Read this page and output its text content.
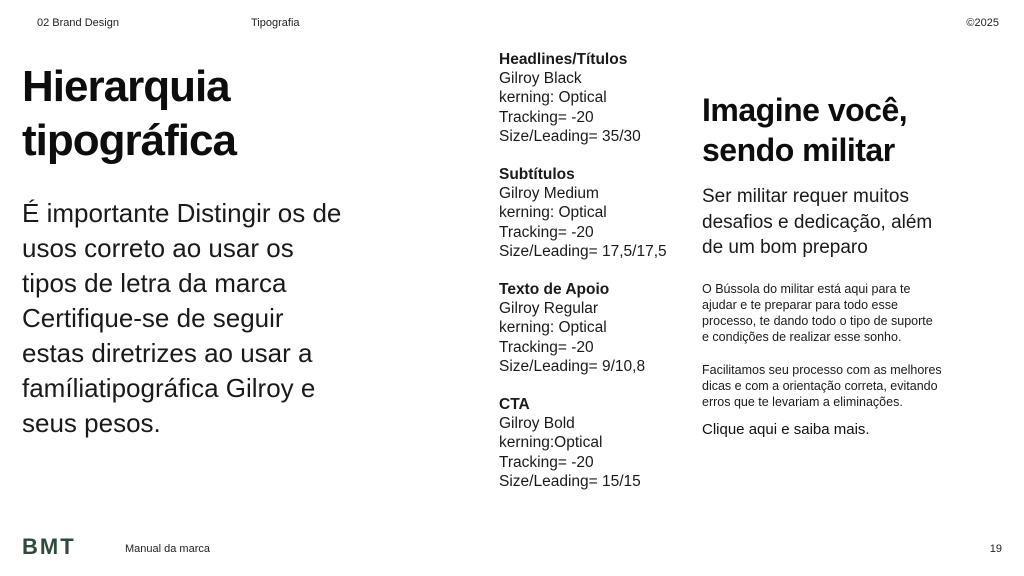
02 Brand Design	Tipografia	©2025
Hierarquia
tipográfica
É importante Distingir os de
usos correto ao usar os
tipos de letra da marca
Certifique-se de seguir
estas diretrizes ao usar a
famíliatipográfica Gilroy e
seus pesos.
Headlines/Títulos
Gilroy Black
kerning: Optical
Tracking= -20
Size/Leading= 35/30
Subtítulos
Gilroy Medium
kerning: Optical
Tracking= -20
Size/Leading= 17,5/17,5
Texto de Apoio
Gilroy Regular
kerning: Optical
Tracking= -20
Size/Leading= 9/10,8
CTA
Gilroy Bold
kerning:Optical
Tracking= -20
Size/Leading= 15/15
Imagine você,
sendo militar
Ser militar requer muitos
desafios e dedicação, além
de um bom preparo
O Bússola do militar está aqui para te
ajudar e te preparar para todo esse
processo, te dando todo o tipo de suporte
e condições de realizar esse sonho.
Facilitamos seu processo com as melhores
dicas e com a orientação correta, evitando
erros que te levariam a eliminações.
Clique aqui e saiba mais.
BMT	Manual da marca	19
